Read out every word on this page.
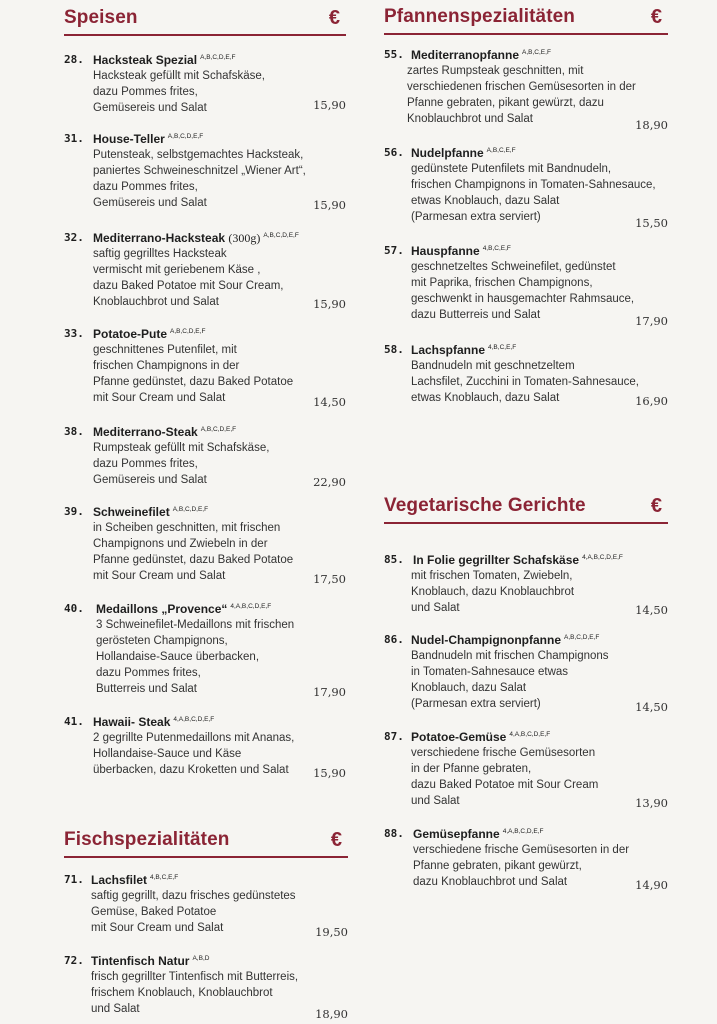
Speisen	€
28. Hacksteak Spezial $^{A,B,C,D,E,F}$
Hacksteak gefüllt mit Schafskäse,
dazu Pommes frites,
Gemüsereis und Salat	15,90
31. House-Teller $^{A,B,C,D,E,F}$
Putensteak, selbstgemachtes Hacksteak,
paniertes Schweineschnitzel „Wiener Art“,
dazu Pommes frites,
Gemüsereis und Salat	15,90
32. Mediterrano-Hacksteak (300g) $^{A,B,C,D,E,F}$
saftig gegrilltes Hacksteak
vermischt mit geriebenem Käse ,
dazu Baked Potatoe mit Sour Cream,
Knoblauchbrot und Salat	15,90
33. Potatoe-Pute $^{A,B,C,D,E,F}$
geschnittenes Putenfilet, mit
frischen Champignons in der
Pfanne gedünstet, dazu Baked Potatoe
mit Sour Cream und Salat	14,50
38. Mediterrano-Steak $^{A,B,C,D,E,F}$
Rumpsteak gefüllt mit Schafskäse,
dazu Pommes frites,
Gemüsereis und Salat	22,90
39. Schweinefilet $^{A,B,C,D,E,F}$
in Scheiben geschnitten, mit frischen
Champignons und Zwiebeln in der
Pfanne gedünstet, dazu Baked Potatoe
mit Sour Cream und Salat	17,50
40. Medaillons „Provence“ $^{4,A,B,C,D,E,F}$
3 Schweinefilet-Medaillons mit frischen
gerösteten Champignons,
Hollandaise-Sauce überbacken,
dazu Pommes frites,
Butterreis und Salat	17,90
41. Hawaii- Steak $^{4,A,B,C,D,E,F}$
2 gegrillte Putenmedaillons mit Ananas,
Hollandaise-Sauce und Käse
überbacken, dazu Kroketten und Salat	15,90
Fischspezialitäten	€
71. Lachsfilet $^{4,B,C,E,F}$
saftig gegrillt, dazu frisches gedünstetes
Gemüse, Baked Potatoe
mit Sour Cream und Salat	19,50
72. Tintenfisch Natur $^{A,B,D}$
frisch gegrillter Tintenfisch mit Butterreis,
frischem Knoblauch, Knoblauchbrot
und Salat	18,90
Pfannenspezialitäten	€
55. Mediterranopfanne $^{A,B,C,E,F}$
zartes Rumpsteak geschnitten, mit
verschiedenen frischen Gemüsesorten in der
Pfanne gebraten, pikant gewürzt, dazu
Knoblauchbrot und Salat	18,90
56. Nudelpfanne $^{A,B,C,E,F}$
gedünstete Putenfilets mit Bandnudeln,
frischen Champignons in Tomaten-Sahnesauce,
etwas Knoblauch, dazu Salat
(Parmesan extra serviert)	15,50
57. Hauspfanne $^{4,B,C,E,F}$
geschnetzeltes Schweinefilet, gedünstet
mit Paprika, frischen Champignons,
geschwenkt in hausgemachter Rahmsauce,
dazu Butterreis und Salat	17,90
58. Lachspfanne $^{4,B,C,E,F}$
Bandnudeln mit geschnetzeltem
Lachsfilet, Zucchini in Tomaten-Sahnesauce,
etwas Knoblauch, dazu Salat	16,90
Vegetarische Gerichte	€
85. In Folie gegrillter Schafskäse $^{4,A,B,C,D,E,F}$
mit frischen Tomaten, Zwiebeln,
Knoblauch, dazu Knoblauchbrot
und Salat	14,50
86. Nudel-Champignonpfanne $^{A,B,C,D,E,F}$
Bandnudeln mit frischen Champignons
in Tomaten-Sahnesauce etwas
Knoblauch, dazu Salat
(Parmesan extra serviert)	14,50
87. Potatoe-Gemüse $^{4,A,B,C,D,E,F}$
verschiedene frische Gemüsesorten
in der Pfanne gebraten,
dazu Baked Potatoe mit Sour Cream
und Salat	13,90
88. Gemüsepfanne $^{4,A,B,C,D,E,F}$
verschiedene frische Gemüsesorten in der
Pfanne gebraten, pikant gewürzt,
dazu Knoblauchbrot und Salat	14,90
